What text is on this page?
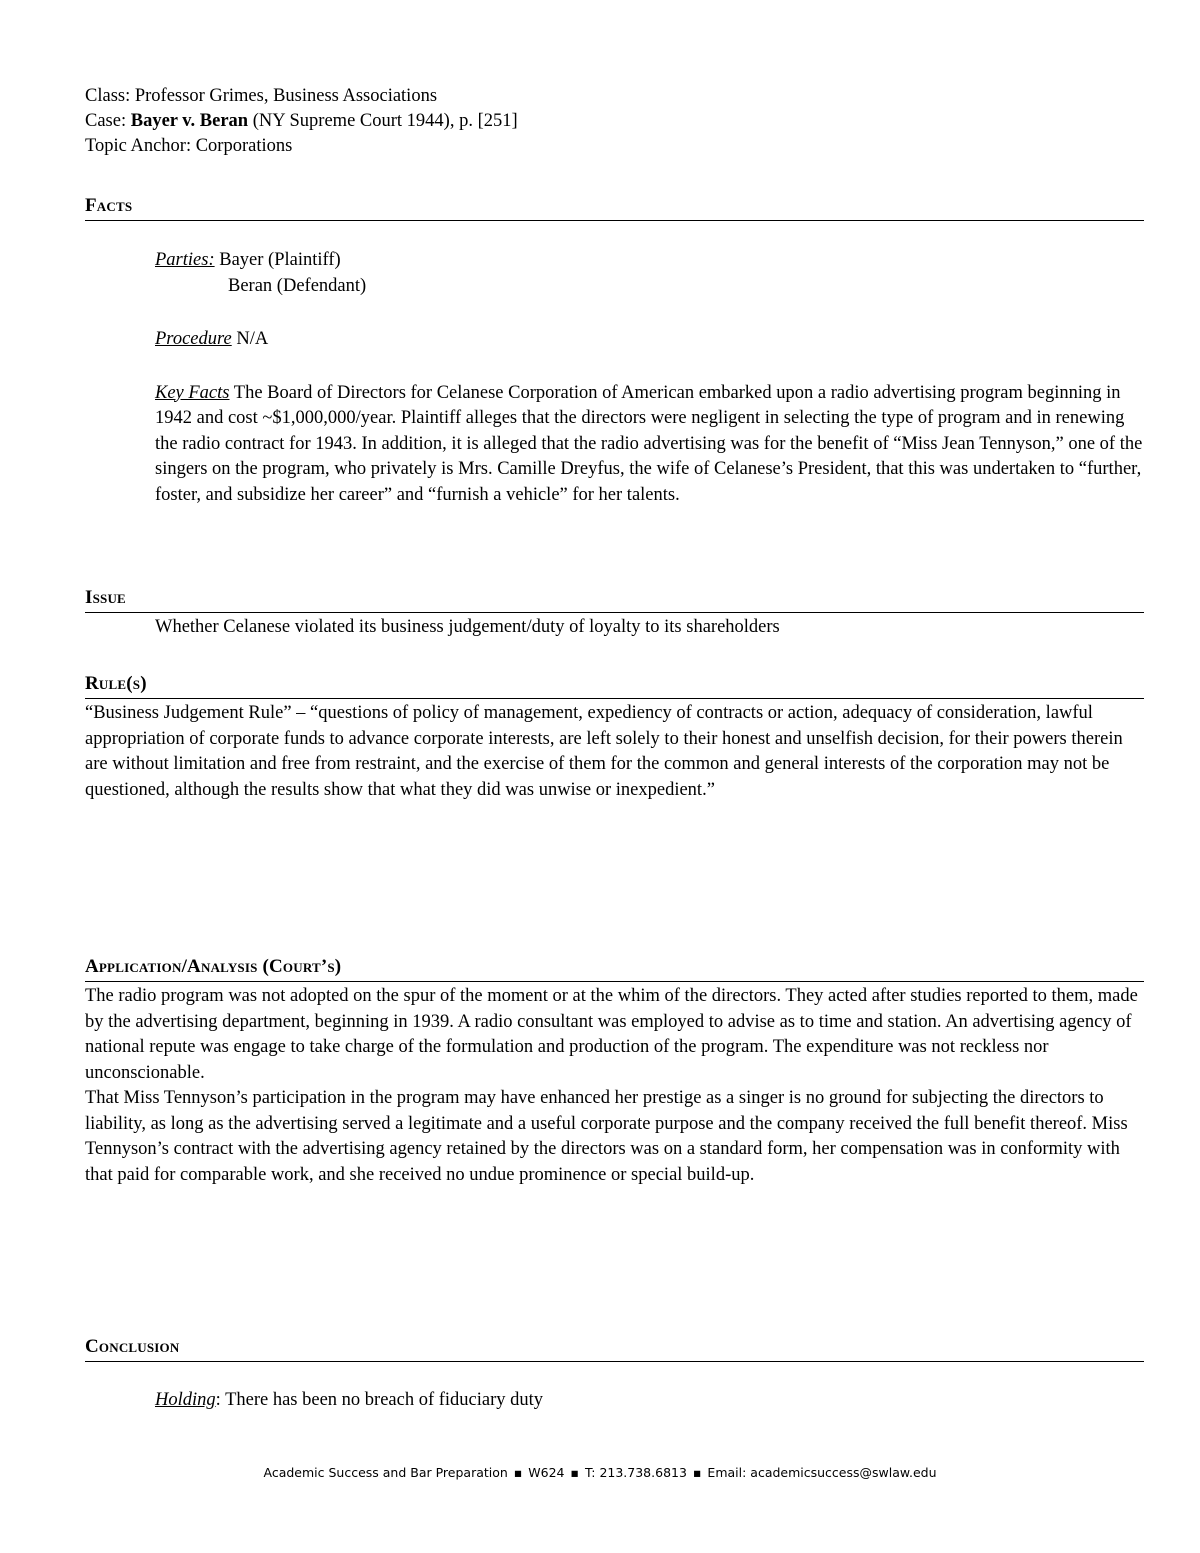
Class: Professor Grimes, Business Associations
Case: Bayer v. Beran (NY Supreme Court 1944), p. [251]
Topic Anchor: Corporations
Facts
Parties: Bayer (Plaintiff)
Beran (Defendant)
Procedure N/A
Key Facts The Board of Directors for Celanese Corporation of American embarked upon a radio advertising program beginning in 1942 and cost ~$1,000,000/year. Plaintiff alleges that the directors were negligent in selecting the type of program and in renewing the radio contract for 1943. In addition, it is alleged that the radio advertising was for the benefit of “Miss Jean Tennyson,” one of the singers on the program, who privately is Mrs. Camille Dreyfus, the wife of Celanese’s President, that this was undertaken to “further, foster, and subsidize her career” and “furnish a vehicle” for her talents.
Issue
Whether Celanese violated its business judgement/duty of loyalty to its shareholders
Rule(s)
“Business Judgement Rule” – “questions of policy of management, expediency of contracts or action, adequacy of consideration, lawful appropriation of corporate funds to advance corporate interests, are left solely to their honest and unselfish decision, for their powers therein are without limitation and free from restraint, and the exercise of them for the common and general interests of the corporation may not be questioned, although the results show that what they did was unwise or inexpedient.”
Application/Analysis (Court’s)
The radio program was not adopted on the spur of the moment or at the whim of the directors. They acted after studies reported to them, made by the advertising department, beginning in 1939. A radio consultant was employed to advise as to time and station. An advertising agency of national repute was engage to take charge of the formulation and production of the program. The expenditure was not reckless nor unconscionable.
That Miss Tennyson’s participation in the program may have enhanced her prestige as a singer is no ground for subjecting the directors to liability, as long as the advertising served a legitimate and a useful corporate purpose and the company received the full benefit thereof. Miss Tennyson’s contract with the advertising agency retained by the directors was on a standard form, her compensation was in conformity with that paid for comparable work, and she received no undue prominence or special build-up.
Conclusion
Holding: There has been no breach of fiduciary duty
Academic Success and Bar Preparation ▪ W624 ▪ T: 213.738.6813 ▪ Email: academicsuccess@swlaw.edu
